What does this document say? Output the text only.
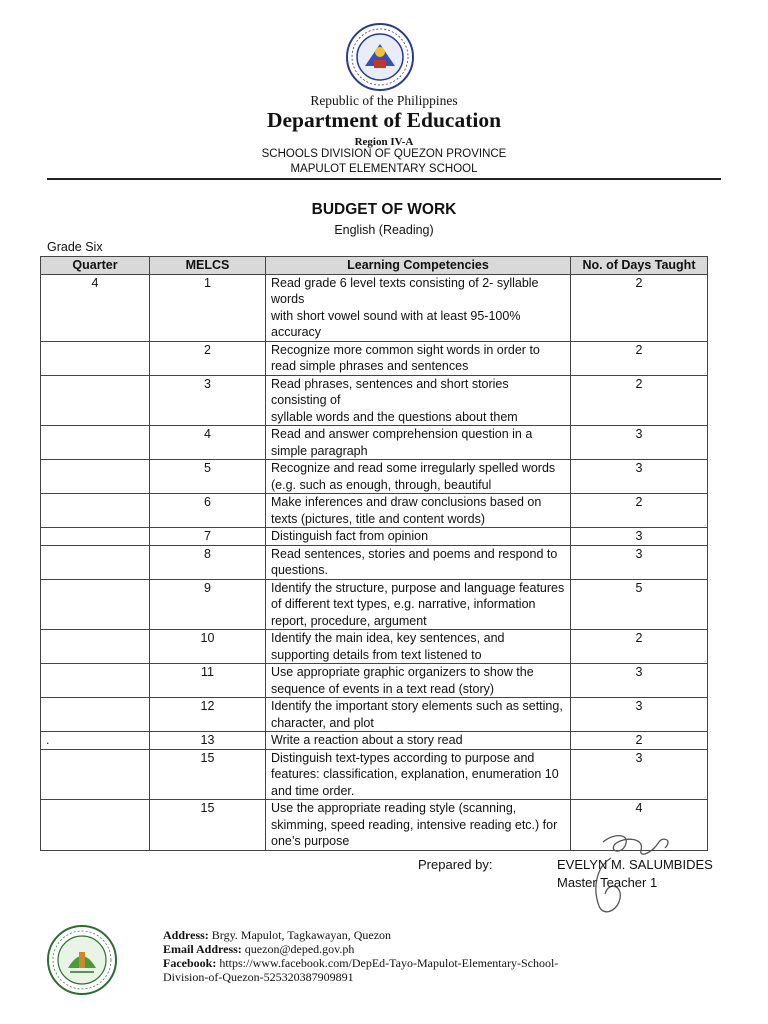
Republic of the Philippines
Department of Education
Region IV-A
SCHOOLS DIVISION OF QUEZON PROVINCE
MAPULOT ELEMENTARY SCHOOL
BUDGET OF WORK
English (Reading)
Grade Six
Quarter	MELCS	Learning Competencies	No. of Days Taught
4	1	Read grade 6 level texts consisting of 2- syllable words
with short vowel sound with at least 95-100% accuracy	2
	2	Recognize more common sight words in order to read simple phrases and sentences	2
	3	Read phrases, sentences and short stories consisting of
syllable words and the questions about them	2
	4	Read and answer comprehension question in a simple paragraph	3
	5	Recognize and read some irregularly spelled words (e.g. such as enough, through, beautiful	3
	6	Make inferences and draw conclusions based on texts (pictures, title and content words)	2
	7	Distinguish fact from opinion	3
	8	Read sentences, stories and poems and respond to questions.	3
	9	Identify the structure, purpose and language features of different text types, e.g. narrative, information report, procedure, argument	5
	10	Identify the main idea, key sentences, and supporting details from text listened to	2
	11	Use appropriate graphic organizers to show the sequence of events in a text read (story)	3
	12	Identify the important story elements such as setting, character, and plot	3
.	13	Write a reaction about a story read	2
	15	Distinguish text-types according to purpose and features: classification, explanation, enumeration 10 and time order.	3
	15	Use the appropriate reading style (scanning, skimming, speed reading, intensive reading etc.) for one’s purpose	4
Prepared by:	EVELYN M. SALUMBIDES
Master Teacher 1
Address: Brgy. Mapulot, Tagkawayan, Quezon
Email Address: quezon@deped.gov.ph
Facebook: https://www.facebook.com/DepEd-Tayo-Mapulot-Elementary-School-
Division-of-Quezon-525320387909891
